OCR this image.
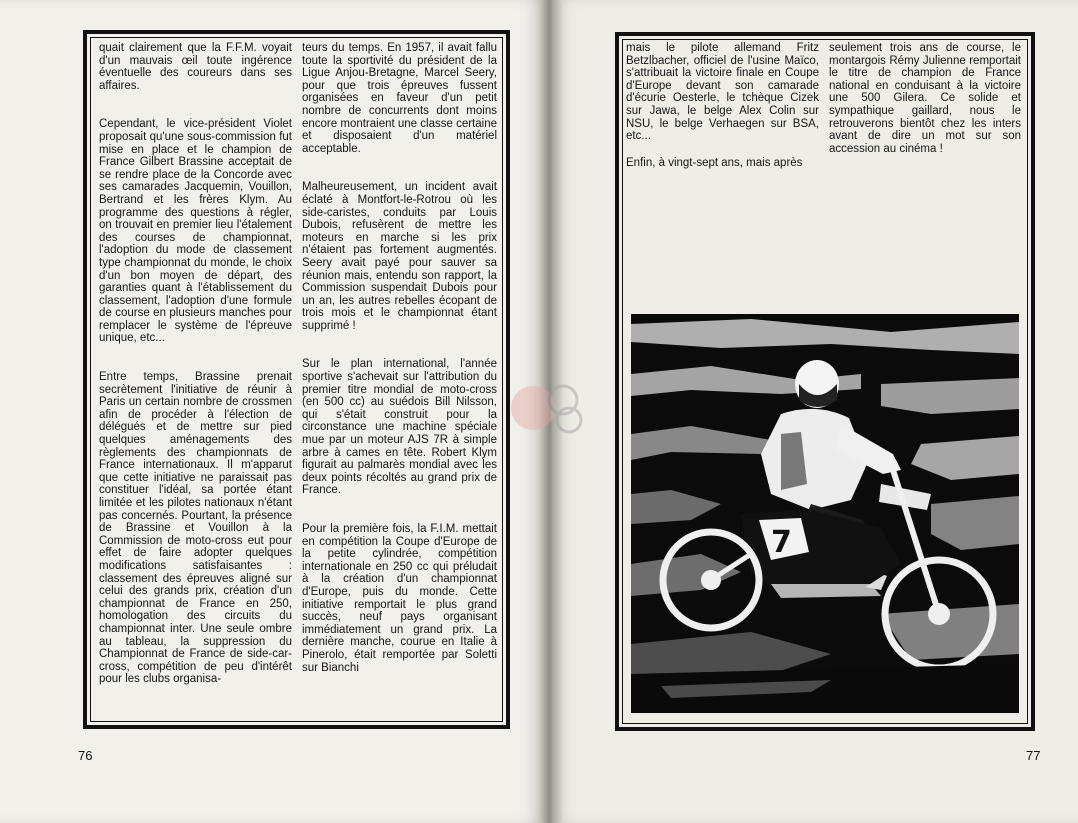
quait clairement que la F.F.M. voyait d'un mauvais œil toute ingérence éventuelle des coureurs dans ses affaires.

Cependant, le vice-président Violet proposait qu'une sous-commission fut mise en place et le champion de France Gilbert Brassine acceptait de se rendre place de la Concorde avec ses camarades Jacquemin, Vouillon, Bertrand et les frères Klym. Au programme des questions à régler, on trouvait en premier lieu l'étalement des courses de championnat, l'adoption du mode de classement type championnat du monde, le choix d'un bon moyen de départ, des garanties quant à l'établissement du classement, l'adoption d'une formule de course en plusieurs manches pour remplacer le système de l'épreuve unique, etc...

Entre temps, Brassine prenait secrètement l'initiative de réunir à Paris un certain nombre de crossmen afin de procéder à l'élection de délégués et de mettre sur pied quelques aménagements des règlements des championnats de France internationaux. Il m'apparut que cette initiative ne paraissait pas constituer l'idéal, sa portée étant limitée et les pilotes nationaux n'étant pas concernés. Pourtant, la présence de Brassine et Vouillon à la Commission de moto-cross eut pour effet de faire adopter quelques modifications satisfaisantes : classement des épreuves aligné sur celui des grands prix, création d'un championnat de France en 250, homologation des circuits du championnat inter. Une seule ombre au tableau, la suppression du Championnat de France de side-car-cross, compétition de peu d'intérêt pour les clubs organisa-

teurs du temps. En 1957, il avait fallu toute la sportivité du président de la Ligue Anjou-Bretagne, Marcel Seery, pour que trois épreuves fussent organisées en faveur d'un petit nombre de concurrents dont moins encore montraient une classe certaine et disposaient d'un matériel acceptable.

Malheureusement, un incident avait éclaté à Montfort-le-Rotrou où les side-caristes, conduits par Louis Dubois, refusèrent de mettre les moteurs en marche si les prix n'étaient pas fortement augmentés. Seery avait payé pour sauver sa réunion mais, entendu son rapport, la Commission suspendait Dubois pour un an, les autres rebelles écopant de trois mois et le championnat étant supprimé !

Sur le plan international, l'année sportive s'achevait sur l'attribution du premier titre mondial de moto-cross (en 500 cc) au suédois Bill Nilsson, qui s'était construit pour la circonstance une machine spéciale mue par un moteur AJS 7R à simple arbre à cames en tête. Robert Klym figurait au palmarès mondial avec les deux points récoltés au grand prix de France.

Pour la première fois, la F.I.M. mettait en compétition la Coupe d'Europe de la petite cylindrée, compétition internationale en 250 cc qui préludait à la création d'un championnat d'Europe, puis du monde. Cette initiative remportait le plus grand succès, neuf pays organisant immédiatement un grand prix. La dernière manche, courue en Italie à Pinerolo, était remportée par Soletti sur Bianchi

mais le pilote allemand Fritz Betzlbacher, officiel de l'usine Maïco, s'attribuait la victoire finale en Coupe d'Europe devant son camarade d'écurie Oesterle, le tchèque Cizek sur Jawa, le belge Alex Colin sur NSU, le belge Verhaegen sur BSA, etc...

Enfin, à vingt-sept ans, mais après

seulement trois ans de course, le montargois Rémy Julienne remportait le titre de champion de France national en conduisant à la victoire une 500 Gilera. Ce solide et sympathique gaillard, nous le retrouverons bientôt chez les inters avant de dire un mot sur son accession au cinéma !

7
76	77
